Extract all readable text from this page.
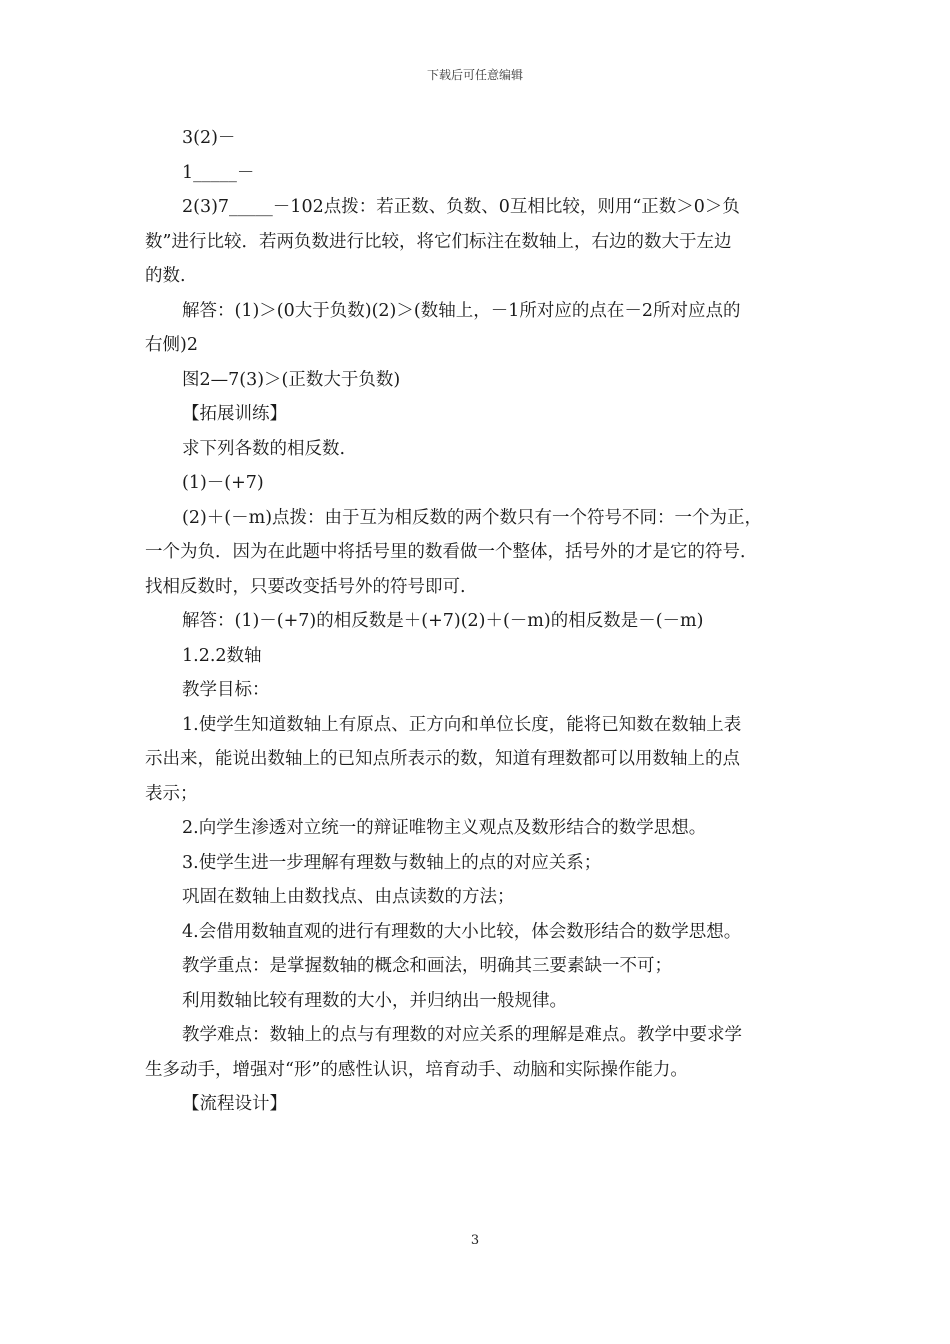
下载后可任意编辑
3(2)－
1_____－
2(3)7_____－102点拨：若正数、负数、0互相比较，则用“正数＞0＞负
数”进行比较．若两负数进行比较，将它们标注在数轴上，右边的数大于左边
的数.
解答：(1)＞(0大于负数)(2)＞(数轴上，－1所对应的点在－2所对应点的
右侧)2
图2—7(3)＞(正数大于负数)
【拓展训练】
求下列各数的相反数.
(1)－(+7)
(2)＋(－m)点拨：由于互为相反数的两个数只有一个符号不同：一个为正，
一个为负．因为在此题中将括号里的数看做一个整体，括号外的才是它的符号．
找相反数时，只要改变括号外的符号即可.
解答：(1)－(+7)的相反数是＋(+7)(2)＋(－m)的相反数是－(－m)
1.2.2数轴
教学目标：
1.使学生知道数轴上有原点、正方向和单位长度，能将已知数在数轴上表
示出来，能说出数轴上的已知点所表示的数，知道有理数都可以用数轴上的点
表示；
2.向学生渗透对立统一的辩证唯物主义观点及数形结合的数学思想。
3.使学生进一步理解有理数与数轴上的点的对应关系；
巩固在数轴上由数找点、由点读数的方法；
4.会借用数轴直观的进行有理数的大小比较，体会数形结合的数学思想。
教学重点：是掌握数轴的概念和画法，明确其三要素缺一不可；
利用数轴比较有理数的大小，并归纳出一般规律。
教学难点：数轴上的点与有理数的对应关系的理解是难点。教学中要求学
生多动手，增强对“形”的感性认识，培育动手、动脑和实际操作能力。
【流程设计】
3
